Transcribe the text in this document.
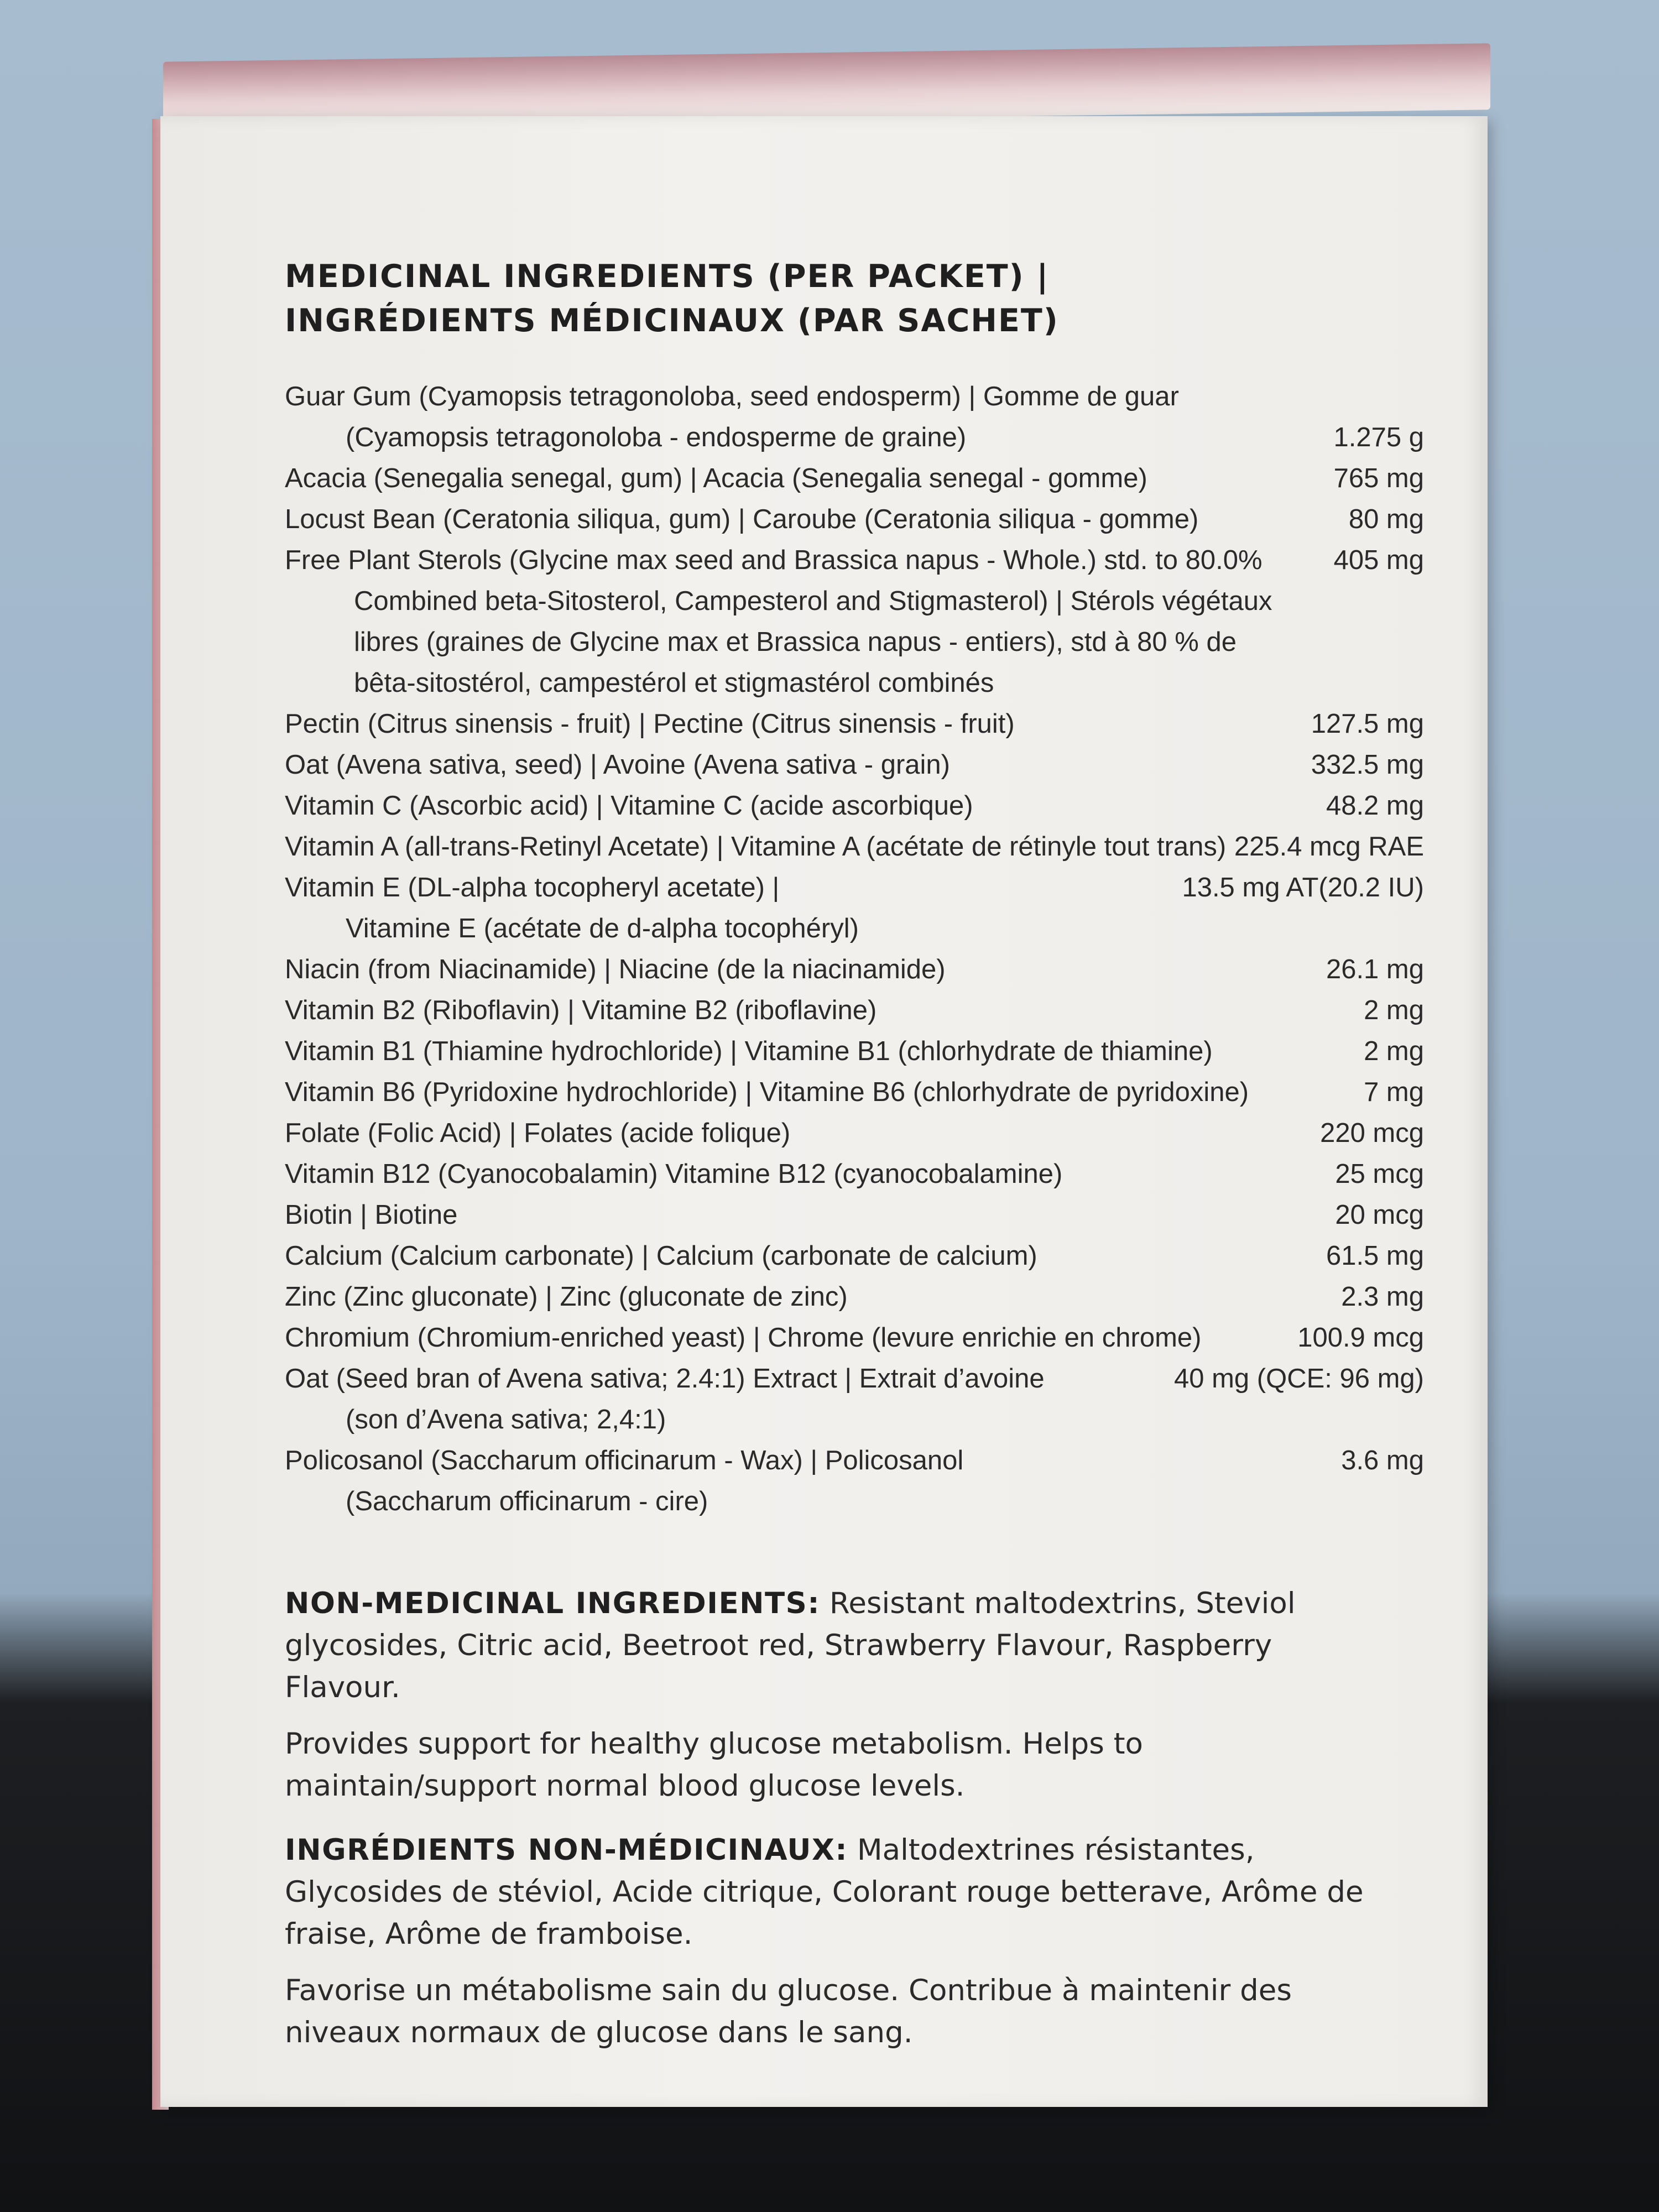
MEDICINAL INGREDIENTS (PER PACKET) |
INGRÉDIENTS MÉDICINAUX (PAR SACHET)
Guar Gum (Cyamopsis tetragonoloba, seed endosperm) | Gomme de guar
(Cyamopsis tetragonoloba - endosperme de graine)	1.275 g
Acacia (Senegalia senegal, gum) | Acacia (Senegalia senegal - gomme)	765 mg
Locust Bean (Ceratonia siliqua, gum) | Caroube (Ceratonia siliqua - gomme)	80 mg
Free Plant Sterols (Glycine max seed and Brassica napus - Whole.) std. to 80.0%	405 mg
Combined beta-Sitosterol, Campesterol and Stigmasterol) | Stérols végétaux
libres (graines de Glycine max et Brassica napus - entiers), std à 80 % de
bêta-sitostérol, campestérol et stigmastérol combinés
Pectin (Citrus sinensis - fruit) | Pectine (Citrus sinensis - fruit)	127.5 mg
Oat (Avena sativa, seed) | Avoine (Avena sativa - grain)	332.5 mg
Vitamin C (Ascorbic acid) | Vitamine C (acide ascorbique)	48.2 mg
Vitamin A (all-trans-Retinyl Acetate) | Vitamine A (acétate de rétinyle tout trans) 225.4 mcg RAE
Vitamin E (DL-alpha tocopheryl acetate) |	13.5 mg AT(20.2 IU)
Vitamine E (acétate de d-alpha tocophéryl)
Niacin (from Niacinamide) | Niacine (de la niacinamide)	26.1 mg
Vitamin B2 (Riboflavin) | Vitamine B2 (riboflavine)	2 mg
Vitamin B1 (Thiamine hydrochloride) | Vitamine B1 (chlorhydrate de thiamine)	2 mg
Vitamin B6 (Pyridoxine hydrochloride) | Vitamine B6 (chlorhydrate de pyridoxine)	7 mg
Folate (Folic Acid) | Folates (acide folique)	220 mcg
Vitamin B12 (Cyanocobalamin) Vitamine B12 (cyanocobalamine)	25 mcg
Biotin | Biotine	20 mcg
Calcium (Calcium carbonate) | Calcium (carbonate de calcium)	61.5 mg
Zinc (Zinc gluconate) | Zinc (gluconate de zinc)	2.3 mg
Chromium (Chromium-enriched yeast) | Chrome (levure enrichie en chrome)	100.9 mcg
Oat (Seed bran of Avena sativa; 2.4:1) Extract | Extrait d’avoine	40 mg (QCE: 96 mg)
(son d’Avena sativa; 2,4:1)
Policosanol (Saccharum officinarum - Wax) | Policosanol	3.6 mg
(Saccharum officinarum - cire)

NON-MEDICINAL INGREDIENTS: Resistant maltodextrins, Steviol glycosides, Citric acid, Beetroot red, Strawberry Flavour, Raspberry Flavour.

Provides support for healthy glucose metabolism. Helps to maintain/support normal blood glucose levels.

INGRÉDIENTS NON-MÉDICINAUX: Maltodextrines résistantes, Glycosides de stéviol, Acide citrique, Colorant rouge betterave, Arôme de fraise, Arôme de framboise.

Favorise un métabolisme sain du glucose. Contribue à maintenir des niveaux normaux de glucose dans le sang.
